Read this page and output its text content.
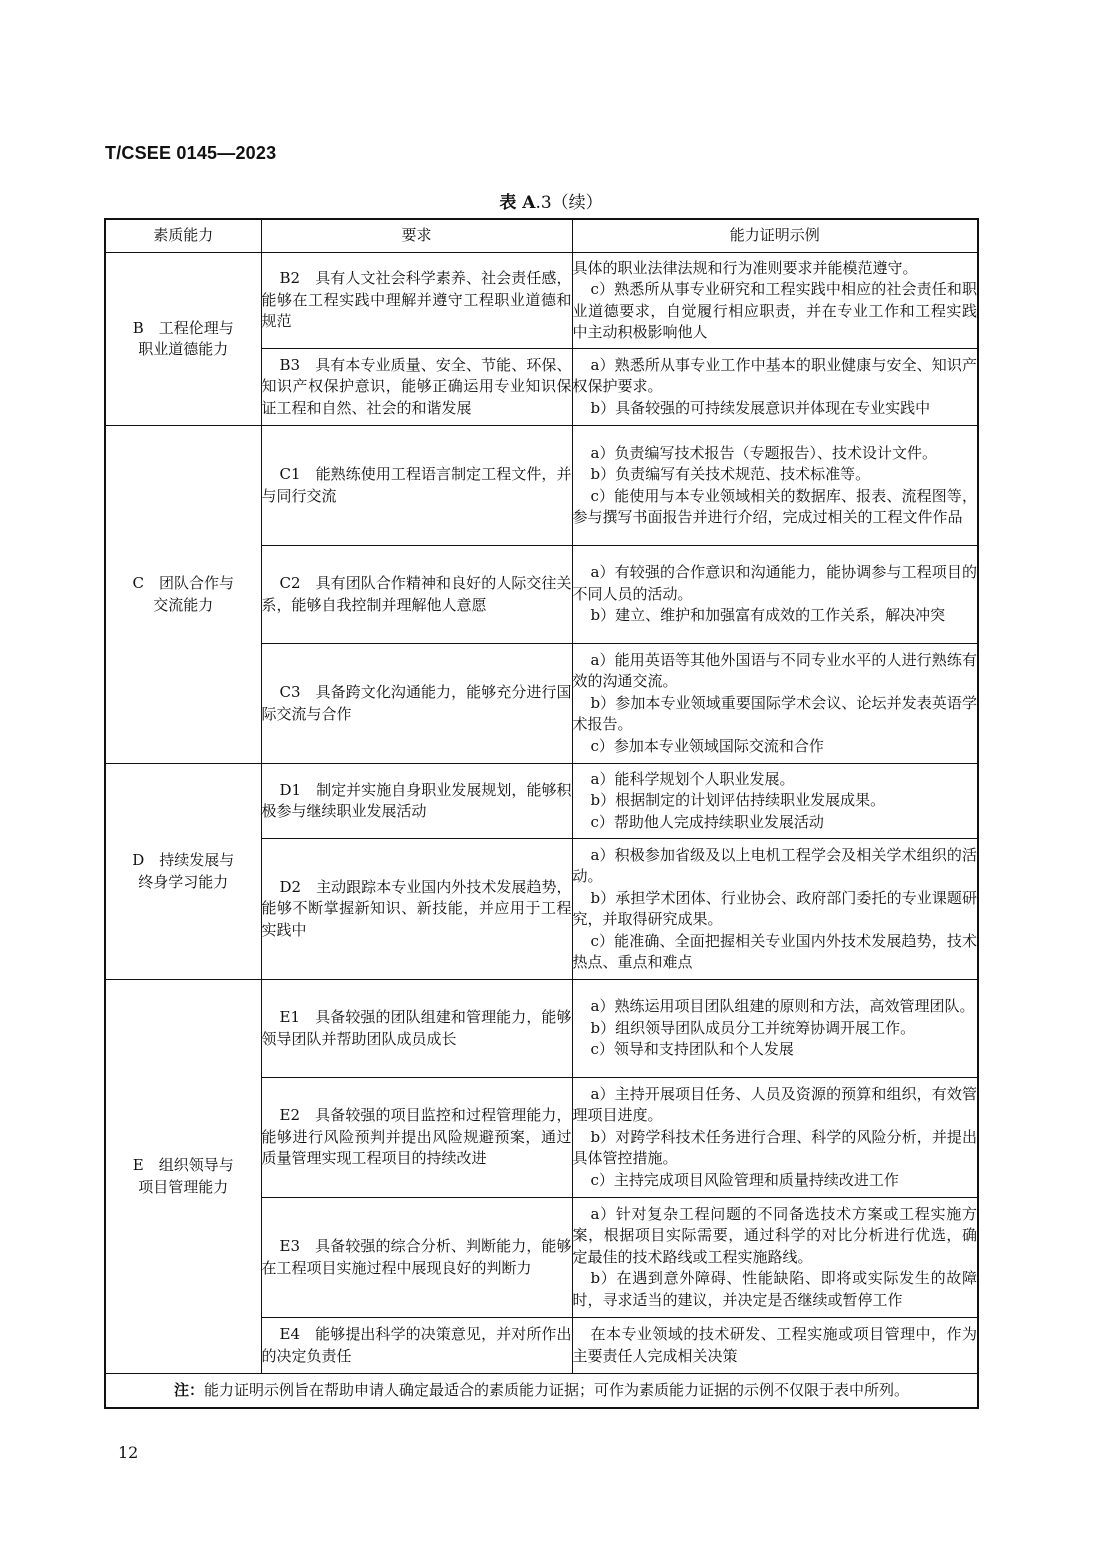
T/CSEE 0145—2023
表 A.3（续）
素质能力	要求	能力证明示例

B　工程伦理与
职业道德能力	B2　具有人文社会科学素养、社会责任感，能够在工程实践中理解并遵守工程职业道德和规范	具体的职业法律法规和行为准则要求并能模范遵守。
c）熟悉所从事专业研究和工程实践中相应的社会责任和职业道德要求，自觉履行相应职责，并在专业工作和工程实践中主动积极影响他人

	B3　具有本专业质量、安全、节能、环保、知识产权保护意识，能够正确运用专业知识保证工程和自然、社会的和谐发展	a）熟悉所从事专业工作中基本的职业健康与安全、知识产权保护要求。
b）具备较强的可持续发展意识并体现在专业实践中

C　团队合作与
交流能力	C1　能熟练使用工程语言制定工程文件，并与同行交流	a）负责编写技术报告（专题报告）、技术设计文件。
b）负责编写有关技术规范、技术标准等。
c）能使用与本专业领域相关的数据库、报表、流程图等，参与撰写书面报告并进行介绍，完成过相关的工程文件作品

	C2　具有团队合作精神和良好的人际交往关系，能够自我控制并理解他人意愿	a）有较强的合作意识和沟通能力，能协调参与工程项目的不同人员的活动。
b）建立、维护和加强富有成效的工作关系，解决冲突

	C3　具备跨文化沟通能力，能够充分进行国际交流与合作	a）能用英语等其他外国语与不同专业水平的人进行熟练有效的沟通交流。
b）参加本专业领域重要国际学术会议、论坛并发表英语学术报告。
c）参加本专业领域国际交流和合作

D　持续发展与
终身学习能力	D1　制定并实施自身职业发展规划，能够积极参与继续职业发展活动	a）能科学规划个人职业发展。
b）根据制定的计划评估持续职业发展成果。
c）帮助他人完成持续职业发展活动

	D2　主动跟踪本专业国内外技术发展趋势，能够不断掌握新知识、新技能，并应用于工程实践中	a）积极参加省级及以上电机工程学会及相关学术组织的活动。
b）承担学术团体、行业协会、政府部门委托的专业课题研究，并取得研究成果。
c）能准确、全面把握相关专业国内外技术发展趋势，技术热点、重点和难点

E　组织领导与
项目管理能力	E1　具备较强的团队组建和管理能力，能够领导团队并帮助团队成员成长	a）熟练运用项目团队组建的原则和方法，高效管理团队。
b）组织领导团队成员分工并统筹协调开展工作。
c）领导和支持团队和个人发展

	E2　具备较强的项目监控和过程管理能力，能够进行风险预判并提出风险规避预案，通过质量管理实现工程项目的持续改进	a）主持开展项目任务、人员及资源的预算和组织，有效管理项目进度。
b）对跨学科技术任务进行合理、科学的风险分析，并提出具体管控措施。
c）主持完成项目风险管理和质量持续改进工作

	E3　具备较强的综合分析、判断能力，能够在工程项目实施过程中展现良好的判断力	a）针对复杂工程问题的不同备选技术方案或工程实施方案，根据项目实际需要，通过科学的对比分析进行优选，确定最佳的技术路线或工程实施路线。
b）在遇到意外障碍、性能缺陷、即将或实际发生的故障时，寻求适当的建议，并决定是否继续或暂停工作

	E4　能够提出科学的决策意见，并对所作出的决定负责任	在本专业领域的技术研发、工程实施或项目管理中，作为主要责任人完成相关决策

注：能力证明示例旨在帮助申请人确定最适合的素质能力证据；可作为素质能力证据的示例不仅限于表中所列。		
12
